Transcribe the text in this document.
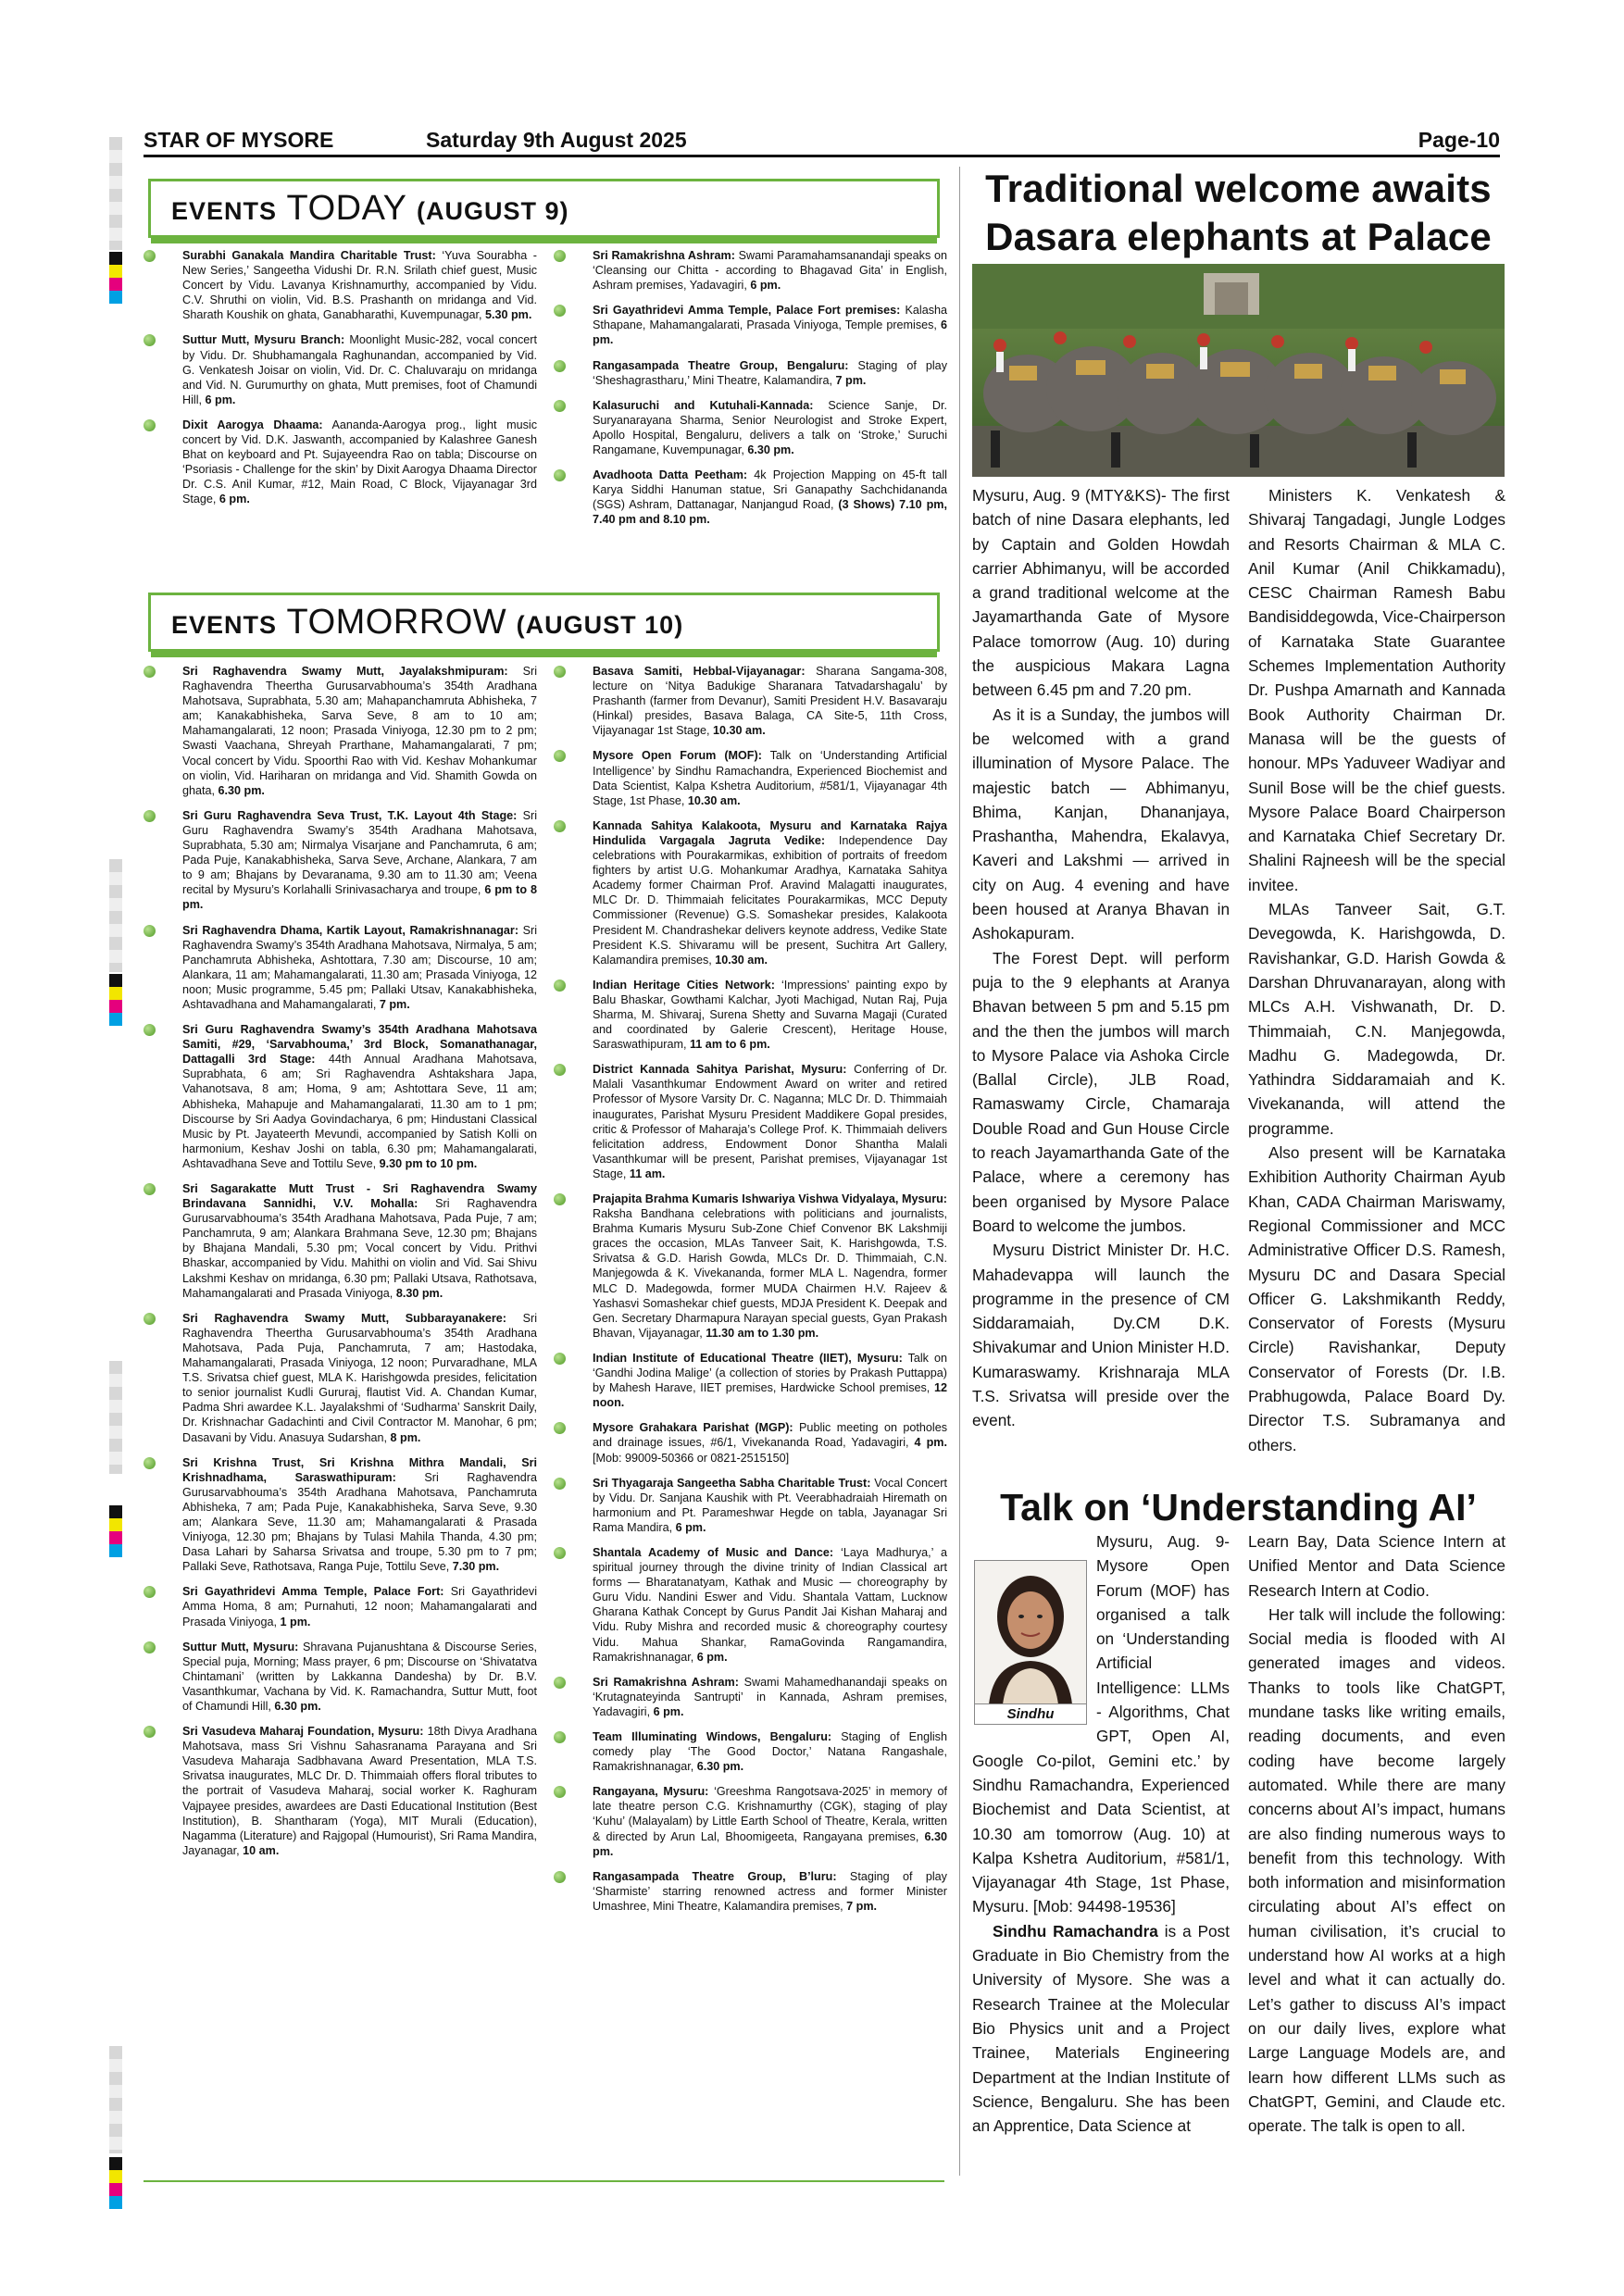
STAR OF MYSORE	Saturday 9th August 2025	Page-10
EVENTS TODAY (AUGUST 9)
Surabhi Ganakala Mandira Charitable Trust: ‘Yuva Sourabha - New Series,’ Sangeetha Vidushi Dr. R.N. Srilath chief guest, Music Concert by Vidu. Lavanya Krishnamurthy, accompanied by Vidu. C.V. Shruthi on violin, Vid. B.S. Prashanth on mridanga and Vid. Sharath Koushik on ghata, Ganabharathi, Kuvempunagar, 5.30 pm.
Suttur Mutt, Mysuru Branch: Moonlight Music-282, vocal concert by Vidu. Dr. Shubhamangala Raghunandan, accompanied by Vid. G. Venkatesh Joisar on violin, Vid. Dr. C. Chaluvaraju on mridanga and Vid. N. Gurumurthy on ghata, Mutt premises, foot of Chamundi Hill, 6 pm.
Dixit Aarogya Dhaama: Aananda-Aarogya prog., light music concert by Vid. D.K. Jaswanth, accompanied by Kalashree Ganesh Bhat on keyboard and Pt. Sujayeendra Rao on tabla; Discourse on ‘Psoriasis - Challenge for the skin’ by Dixit Aarogya Dhaama Director Dr. C.S. Anil Kumar, #12, Main Road, C Block, Vijayanagar 3rd Stage, 6 pm.
Sri Ramakrishna Ashram: Swami Paramahamsanandaji speaks on ‘Cleansing our Chitta - according to Bhagavad Gita’ in English, Ashram premises, Yadavagiri, 6 pm.
Sri Gayathridevi Amma Temple, Palace Fort premises: Kalasha Sthapane, Mahamangalarati, Prasada Viniyoga, Temple premises, 6 pm.
Rangasampada Theatre Group, Bengaluru: Staging of play ‘Sheshagrastharu,’ Mini Theatre, Kalamandira, 7 pm.
Kalasuruchi and Kutuhali-Kannada: Science Sanje, Dr. Suryanarayana Sharma, Senior Neurologist and Stroke Expert, Apollo Hospital, Bengaluru, delivers a talk on ‘Stroke,’ Suruchi Rangamane, Kuvempunagar, 6.30 pm.
Avadhoota Datta Peetham: 4k Projection Mapping on 45-ft tall Karya Siddhi Hanuman statue, Sri Ganapathy Sachchidananda (SGS) Ashram, Dattanagar, Nanjangud Road, (3 Shows) 7.10 pm, 7.40 pm and 8.10 pm.
EVENTS TOMORROW (AUGUST 10)
Sri Raghavendra Swamy Mutt, Jayalakshmipuram: Sri Raghavendra Theertha Gurusarvabhouma’s 354th Aradhana Mahotsava, Suprabhata, 5.30 am; Mahapanchamruta Abhisheka, 7 am; Kanakabhisheka, Sarva Seve, 8 am to 10 am; Mahamangalarati, 12 noon; Prasada Viniyoga, 12.30 pm to 2 pm; Swasti Vaachana, Shreyah Prarthane, Mahamangalarati, 7 pm; Vocal concert by Vidu. Spoorthi Rao with Vid. Keshav Mohankumar on violin, Vid. Hariharan on mridanga and Vid. Shamith Gowda on ghata, 6.30 pm.
Sri Guru Raghavendra Seva Trust, T.K. Layout 4th Stage: Sri Guru Raghavendra Swamy’s 354th Aradhana Mahotsava, Suprabhata, 5.30 am; Nirmalya Visarjane and Panchamruta, 6 am; Pada Puje, Kanakabhisheka, Sarva Seve, Archane, Alankara, 7 am to 9 am; Bhajans by Devaranama, 9.30 am to 11.30 am; Veena recital by Mysuru’s Korlahalli Srinivasacharya and troupe, 6 pm to 8 pm.
Sri Raghavendra Dhama, Kartik Layout, Ramakrishnanagar: Sri Raghavendra Swamy’s 354th Aradhana Mahotsava, Nirmalya, 5 am; Panchamruta Abhisheka, Ashtottara, 7.30 am; Discourse, 10 am; Alankara, 11 am; Mahamangalarati, 11.30 am; Prasada Viniyoga, 12 noon; Music programme, 5.45 pm; Pallaki Utsav, Kanakabhisheka, Ashtavadhana and Mahamangalarati, 7 pm.
Sri Guru Raghavendra Swamy’s 354th Aradhana Mahotsava Samiti, #29, ‘Sarvabhouma,’ 3rd Block, Somanathanagar, Dattagalli 3rd Stage: 44th Annual Aradhana Mahotsava, Suprabhata, 6 am; Sri Raghavendra Ashtakshara Japa, Vahanotsava, 8 am; Homa, 9 am; Ashtottara Seve, 11 am; Abhisheka, Mahapuje and Mahamangalarati, 11.30 am to 1 pm; Discourse by Sri Aadya Govindacharya, 6 pm; Hindustani Classical Music by Pt. Jayateerth Mevundi, accompanied by Satish Kolli on harmonium, Keshav Joshi on tabla, 6.30 pm; Mahamangalarati, Ashtavadhana Seve and Tottilu Seve, 9.30 pm to 10 pm.
Sri Sagarakatte Mutt Trust - Sri Raghavendra Swamy Brindavana Sannidhi, V.V. Mohalla: Sri Raghavendra Gurusarvabhouma’s 354th Aradhana Mahotsava, Pada Puje, 7 am; Panchamruta, 9 am; Alankara Brahmana Seve, 12.30 pm; Bhajans by Bhajana Mandali, 5.30 pm; Vocal concert by Vidu. Prithvi Bhaskar, accompanied by Vidu. Mahithi on violin and Vid. Sai Shivu Lakshmi Keshav on mridanga, 6.30 pm; Pallaki Utsava, Rathotsava, Mahamangalarati and Prasada Viniyoga, 8.30 pm.
Sri Raghavendra Swamy Mutt, Subbarayanakere: Sri Raghavendra Theertha Gurusarvabhouma’s 354th Aradhana Mahotsava, Pada Puja, Panchamruta, 7 am; Hastodaka, Mahamangalarati, Prasada Viniyoga, 12 noon; Purvaradhane, MLA T.S. Srivatsa chief guest, MLA K. Harishgowda presides, felicitation to senior journalist Kudli Gururaj, flautist Vid. A. Chandan Kumar, Padma Shri awardee K.L. Jayalakshmi of ‘Sudharma’ Sanskrit Daily, Dr. Krishnachar Gadachinti and Civil Contractor M. Manohar, 6 pm; Dasavani by Vidu. Anasuya Sudarshan, 8 pm.
Sri Krishna Trust, Sri Krishna Mithra Mandali, Sri Krishnadhama, Saraswathipuram: Sri Raghavendra Gurusarvabhouma’s 354th Aradhana Mahotsava, Panchamruta Abhisheka, 7 am; Pada Puje, Kanakabhisheka, Sarva Seve, 9.30 am; Alankara Seve, 11.30 am; Mahamangalarati & Prasada Viniyoga, 12.30 pm; Bhajans by Tulasi Mahila Thanda, 4.30 pm; Dasa Lahari by Saharsa Srivatsa and troupe, 5.30 pm to 7 pm; Pallaki Seve, Rathotsava, Ranga Puje, Tottilu Seve, 7.30 pm.
Sri Gayathridevi Amma Temple, Palace Fort: Sri Gayathridevi Amma Homa, 8 am; Purnahuti, 12 noon; Mahamangalarati and Prasada Viniyoga, 1 pm.
Suttur Mutt, Mysuru: Shravana Pujanushtana & Discourse Series, Special puja, Morning; Mass prayer, 6 pm; Discourse on ‘Shivatatva Chintamani’ (written by Lakkanna Dandesha) by Dr. B.V. Vasanthkumar, Vachana by Vid. K. Ramachandra, Suttur Mutt, foot of Chamundi Hill, 6.30 pm.
Sri Vasudeva Maharaj Foundation, Mysuru: 18th Divya Aradhana Mahotsava, mass Sri Vishnu Sahasranama Parayana and Sri Vasudeva Maharaja Sadbhavana Award Presentation, MLA T.S. Srivatsa inaugurates, MLC Dr. D. Thimmaiah offers floral tributes to the portrait of Vasudeva Maharaj, social worker K. Raghuram Vajpayee presides, awardees are Dasti Educational Institution (Best Institution), B. Shantharam (Yoga), MIT Murali (Education), Nagamma (Literature) and Rajgopal (Humourist), Sri Rama Mandira, Jayanagar, 10 am.
Basava Samiti, Hebbal-Vijayanagar: Sharana Sangama-308, lecture on ‘Nitya Badukige Sharanara Tatvadarshagalu’ by Prashanth (farmer from Devanur), Samiti President H.V. Basavaraju (Hinkal) presides, Basava Balaga, CA Site-5, 11th Cross, Vijayanagar 1st Stage, 10.30 am.
Mysore Open Forum (MOF): Talk on ‘Understanding Artificial Intelligence’ by Sindhu Ramachandra, Experienced Biochemist and Data Scientist, Kalpa Kshetra Auditorium, #581/1, Vijayanagar 4th Stage, 1st Phase, 10.30 am.
Kannada Sahitya Kalakoota, Mysuru and Karnataka Rajya Hindulida Vargagala Jagruta Vedike: Independence Day celebrations with Pourakarmikas, exhibition of portraits of freedom fighters by artist U.G. Mohankumar Aradhya, Karnataka Sahitya Academy former Chairman Prof. Aravind Malagatti inaugurates, MLC Dr. D. Thimmaiah felicitates Pourakarmikas, MCC Deputy Commissioner (Revenue) G.S. Somashekar presides, Kalakoota President M. Chandrashekar delivers keynote address, Vedike State President K.S. Shivaramu will be present, Suchitra Art Gallery, Kalamandira premises, 10.30 am.
Indian Heritage Cities Network: ‘Impressions’ painting expo by Balu Bhaskar, Gowthami Kalchar, Jyoti Machigad, Nutan Raj, Puja Sharma, M. Shivaraj, Surena Shetty and Suvarna Magaji (Curated and coordinated by Galerie Crescent), Heritage House, Saraswathipuram, 11 am to 6 pm.
District Kannada Sahitya Parishat, Mysuru: Conferring of Dr. Malali Vasanthkumar Endowment Award on writer and retired Professor of Mysore Varsity Dr. C. Naganna; MLC Dr. D. Thimmaiah inaugurates, Parishat Mysuru President Maddikere Gopal presides, critic & Professor of Maharaja’s College Prof. K. Thimmaiah delivers felicitation address, Endowment Donor Shantha Malali Vasanthkumar will be present, Parishat premises, Vijayanagar 1st Stage, 11 am.
Prajapita Brahma Kumaris Ishwariya Vishwa Vidyalaya, Mysuru: Raksha Bandhana celebrations with politicians and journalists, Brahma Kumaris Mysuru Sub-Zone Chief Convenor BK Lakshmiji graces the occasion, MLAs Tanveer Sait, K. Harishgowda, T.S. Srivatsa & G.D. Harish Gowda, MLCs Dr. D. Thimmaiah, C.N. Manjegowda & K. Vivekananda, former MLA L. Nagendra, former MLC D. Madegowda, former MUDA Chairmen H.V. Rajeev & Yashasvi Somashekar chief guests, MDJA President K. Deepak and Gen. Secretary Dharmapura Narayan special guests, Gyan Prakash Bhavan, Vijayanagar, 11.30 am to 1.30 pm.
Indian Institute of Educational Theatre (IIET), Mysuru: Talk on ‘Gandhi Jodina Malige’ (a collection of stories by Prakash Puttappa) by Mahesh Harave, IIET premises, Hardwicke School premises, 12 noon.
Mysore Grahakara Parishat (MGP): Public meeting on potholes and drainage issues, #6/1, Vivekananda Road, Yadavagiri, 4 pm. [Mob: 99009-50366 or 0821-2515150]
Sri Thyagaraja Sangeetha Sabha Charitable Trust: Vocal Concert by Vidu. Dr. Sanjana Kaushik with Pt. Veerabhadraiah Hiremath on harmonium and Pt. Parameshwar Hegde on tabla, Jayanagar Sri Rama Mandira, 6 pm.
Shantala Academy of Music and Dance: ‘Laya Madhurya,’ a spiritual journey through the divine trinity of Indian Classical art forms — Bharatanatyam, Kathak and Music — choreography by Guru Vidu. Nandini Eswer and Vidu. Shantala Vattam, Lucknow Gharana Kathak Concept by Gurus Pandit Jai Kishan Maharaj and Vidu. Ruby Mishra and recorded music & choreography courtesy Vidu. Mahua Shankar, RamaGovinda Rangamandira, Ramakrishnanagar, 6 pm.
Sri Ramakrishna Ashram: Swami Mahamedhanandaji speaks on ‘Krutagnateyinda Santrupti’ in Kannada, Ashram premises, Yadavagiri, 6 pm.
Team Illuminating Windows, Bengaluru: Staging of English comedy play ‘The Good Doctor,’ Natana Rangashale, Ramakrishnanagar, 6.30 pm.
Rangayana, Mysuru: ‘Greeshma Rangotsava-2025’ in memory of late theatre person C.G. Krishnamurthy (CGK), staging of play ‘Kuhu’ (Malayalam) by Little Earth School of Theatre, Kerala, written & directed by Arun Lal, Bhoomigeeta, Rangayana premises, 6.30 pm.
Rangasampada Theatre Group, B’luru: Staging of play ‘Sharmiste’ starring renowned actress and former Minister Umashree, Mini Theatre, Kalamandira premises, 7 pm.
Traditional welcome awaits
Dasara elephants at Palace

Mysuru, Aug. 9 (MTY&KS)- The first batch of nine Dasara elephants, led by Captain and Golden Howdah carrier Abhimanyu, will be accorded a grand traditional welcome at the Jayamarthanda Gate of Mysore Palace tomorrow (Aug. 10) during the auspicious Makara Lagna between 6.45 pm and 7.20 pm.

As it is a Sunday, the jumbos will be welcomed with a grand illumination of Mysore Palace. The majestic batch — Abhimanyu, Bhima, Kanjan, Dhananjaya, Prashantha, Mahendra, Ekalavya, Kaveri and Lakshmi — arrived in city on Aug. 4 evening and have been housed at Aranya Bhavan in Ashokapuram.

The Forest Dept. will perform puja to the 9 elephants at Aranya Bhavan between 5 pm and 5.15 pm and the then the jumbos will march to Mysore Palace via Ashoka Circle (Ballal Circle), JLB Road, Ramaswamy Circle, Chamaraja Double Road and Gun House Circle to reach Jayamarthanda Gate of the Palace, where a ceremony has been organised by Mysore Palace Board to welcome the jumbos.

Mysuru District Minister Dr. H.C. Mahadevappa will launch the programme in the presence of CM Siddaramaiah, Dy.CM D.K. Shivakumar and Union Minister H.D. Kumaraswamy. Krishnaraja MLA T.S. Srivatsa will preside over the event.

Ministers K. Venkatesh & Shivaraj Tangadagi, Jungle Lodges and Resorts Chairman & MLA C. Anil Kumar (Anil Chikkamadu), CESC Chairman Ramesh Babu Bandisiddegowda, Vice-Chairperson of Karnataka State Guarantee Schemes Implementation Authority Dr. Pushpa Amarnath and Kannada Book Authority Chairman Dr. Manasa will be the guests of honour. MPs Yaduveer Wadiyar and Sunil Bose will be the chief guests. Mysore Palace Board Chairperson and Karnataka Chief Secretary Dr. Shalini Rajneesh will be the special invitee.

MLAs Tanveer Sait, G.T. Devegowda, K. Harishgowda, D. Ravishankar, G.D. Harish Gowda & Darshan Dhruvanarayan, along with MLCs A.H. Vishwanath, Dr. D. Thimmaiah, C.N. Manjegowda, Madhu G. Madegowda, Dr. Yathindra Siddaramaiah and K. Vivekananda, will attend the programme.

Also present will be Karnataka Exhibition Authority Chairman Ayub Khan, CADA Chairman Mariswamy, Regional Commissioner and MCC Administrative Officer D.S. Ramesh, Mysuru DC and Dasara Special Officer G. Lakshmikanth Reddy, Conservator of Forests (Mysuru Circle) Ravishankar, Deputy Conservator of Forests (Dr. I.B. Prabhugowda, Palace Board Dy. Director T.S. Subramanya and others.

Talk on ‘Understanding AI’
Sindhu

Mysuru, Aug. 9- Mysore Open Forum (MOF) has organised a talk on ‘Understanding Artificial Intelligence: LLMs - Algorithms, Chat GPT, Open AI, Google Co-pilot, Gemini etc.’ by Sindhu Ramachandra, Experienced Biochemist and Data Scientist, at 10.30 am tomorrow (Aug. 10) at Kalpa Kshetra Auditorium, #581/1, Vijayanagar 4th Stage, 1st Phase, Mysuru. [Mob: 94498-19536]

Sindhu Ramachandra is a Post Graduate in Bio Chemistry from the University of Mysore. She was a Research Trainee at the Molecular Bio Physics unit and a Project Trainee, Materials Engineering Department at the Indian Institute of Science, Bengaluru. She has been an Apprentice, Data Science at

Learn Bay, Data Science Intern at Unified Mentor and Data Science Research Intern at Codio.

Her talk will include the following: Social media is flooded with AI generated images and videos. Thanks to tools like ChatGPT, mundane tasks like writing emails, reading documents, and even coding have become largely automated. While there are many concerns about AI’s impact, humans are also finding numerous ways to benefit from this technology. With both information and misinformation circulating about AI’s effect on human civilisation, it’s crucial to understand how AI works at a high level and what it can actually do. Let’s gather to discuss AI’s impact on our daily lives, explore what Large Language Models are, and learn how different LLMs such as ChatGPT, Gemini, and Claude etc. operate. The talk is open to all.
